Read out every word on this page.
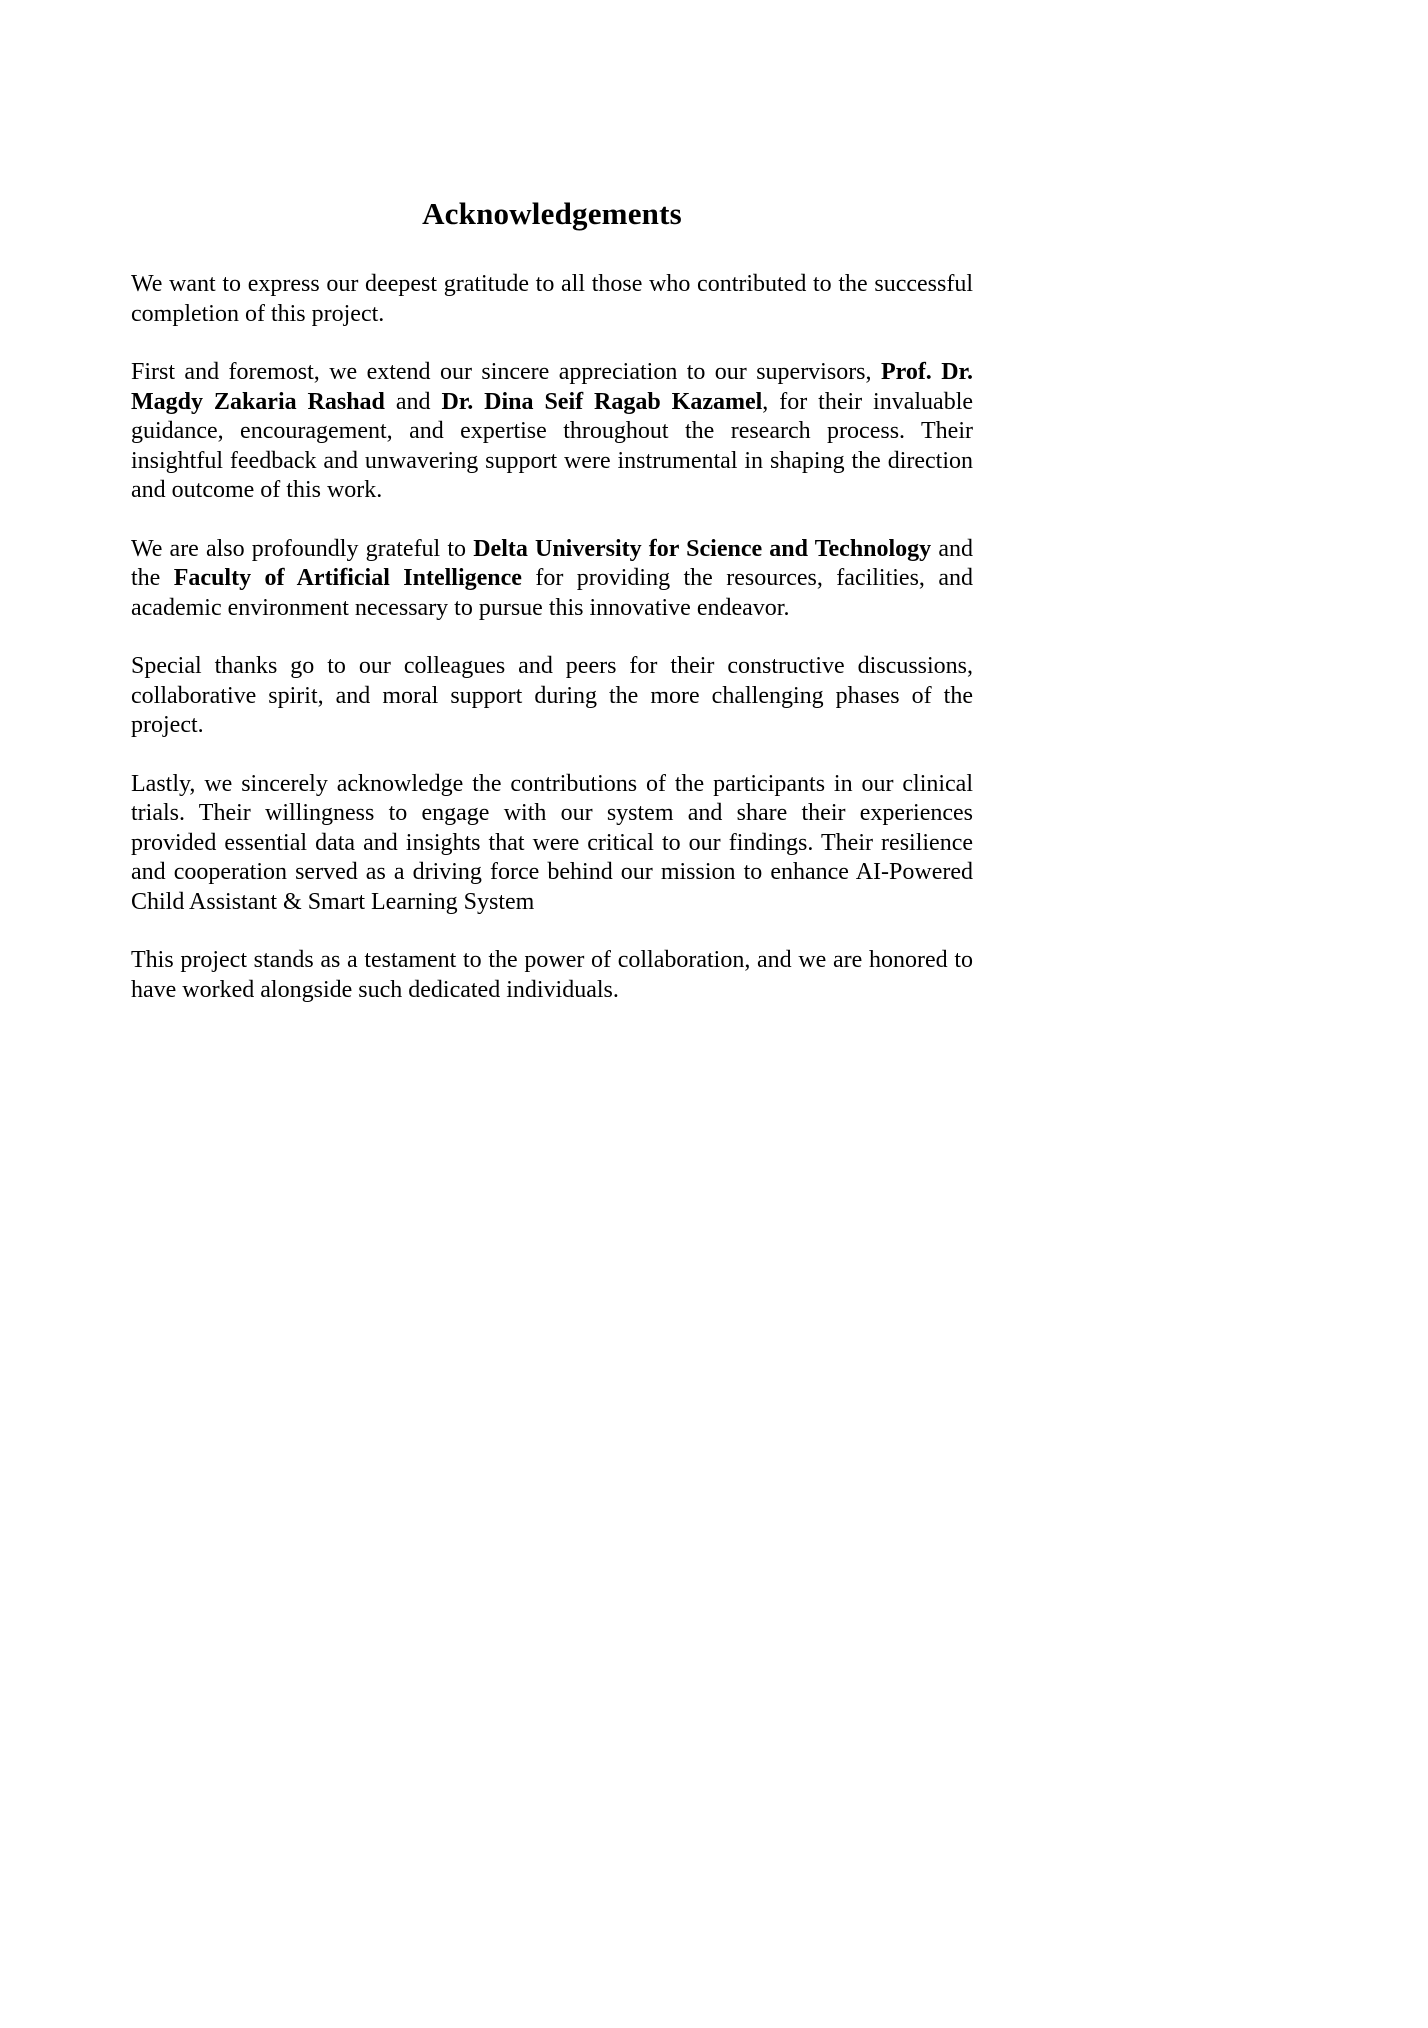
Acknowledgements

We want to express our deepest gratitude to all those who contributed to the successful completion of this project.

First and foremost, we extend our sincere appreciation to our supervisors, Prof. Dr. Magdy Zakaria Rashad and Dr. Dina Seif Ragab Kazamel, for their invaluable guidance, encouragement, and expertise throughout the research process. Their insightful feedback and unwavering support were instrumental in shaping the direction and outcome of this work.

We are also profoundly grateful to Delta University for Science and Technology and the Faculty of Artificial Intelligence for providing the resources, facilities, and academic environment necessary to pursue this innovative endeavor.

Special thanks go to our colleagues and peers for their constructive discussions, collaborative spirit, and moral support during the more challenging phases of the project.

Lastly, we sincerely acknowledge the contributions of the participants in our clinical trials. Their willingness to engage with our system and share their experiences provided essential data and insights that were critical to our findings. Their resilience and cooperation served as a driving force behind our mission to enhance AI-Powered Child Assistant & Smart Learning System

This project stands as a testament to the power of collaboration, and we are honored to have worked alongside such dedicated individuals.
